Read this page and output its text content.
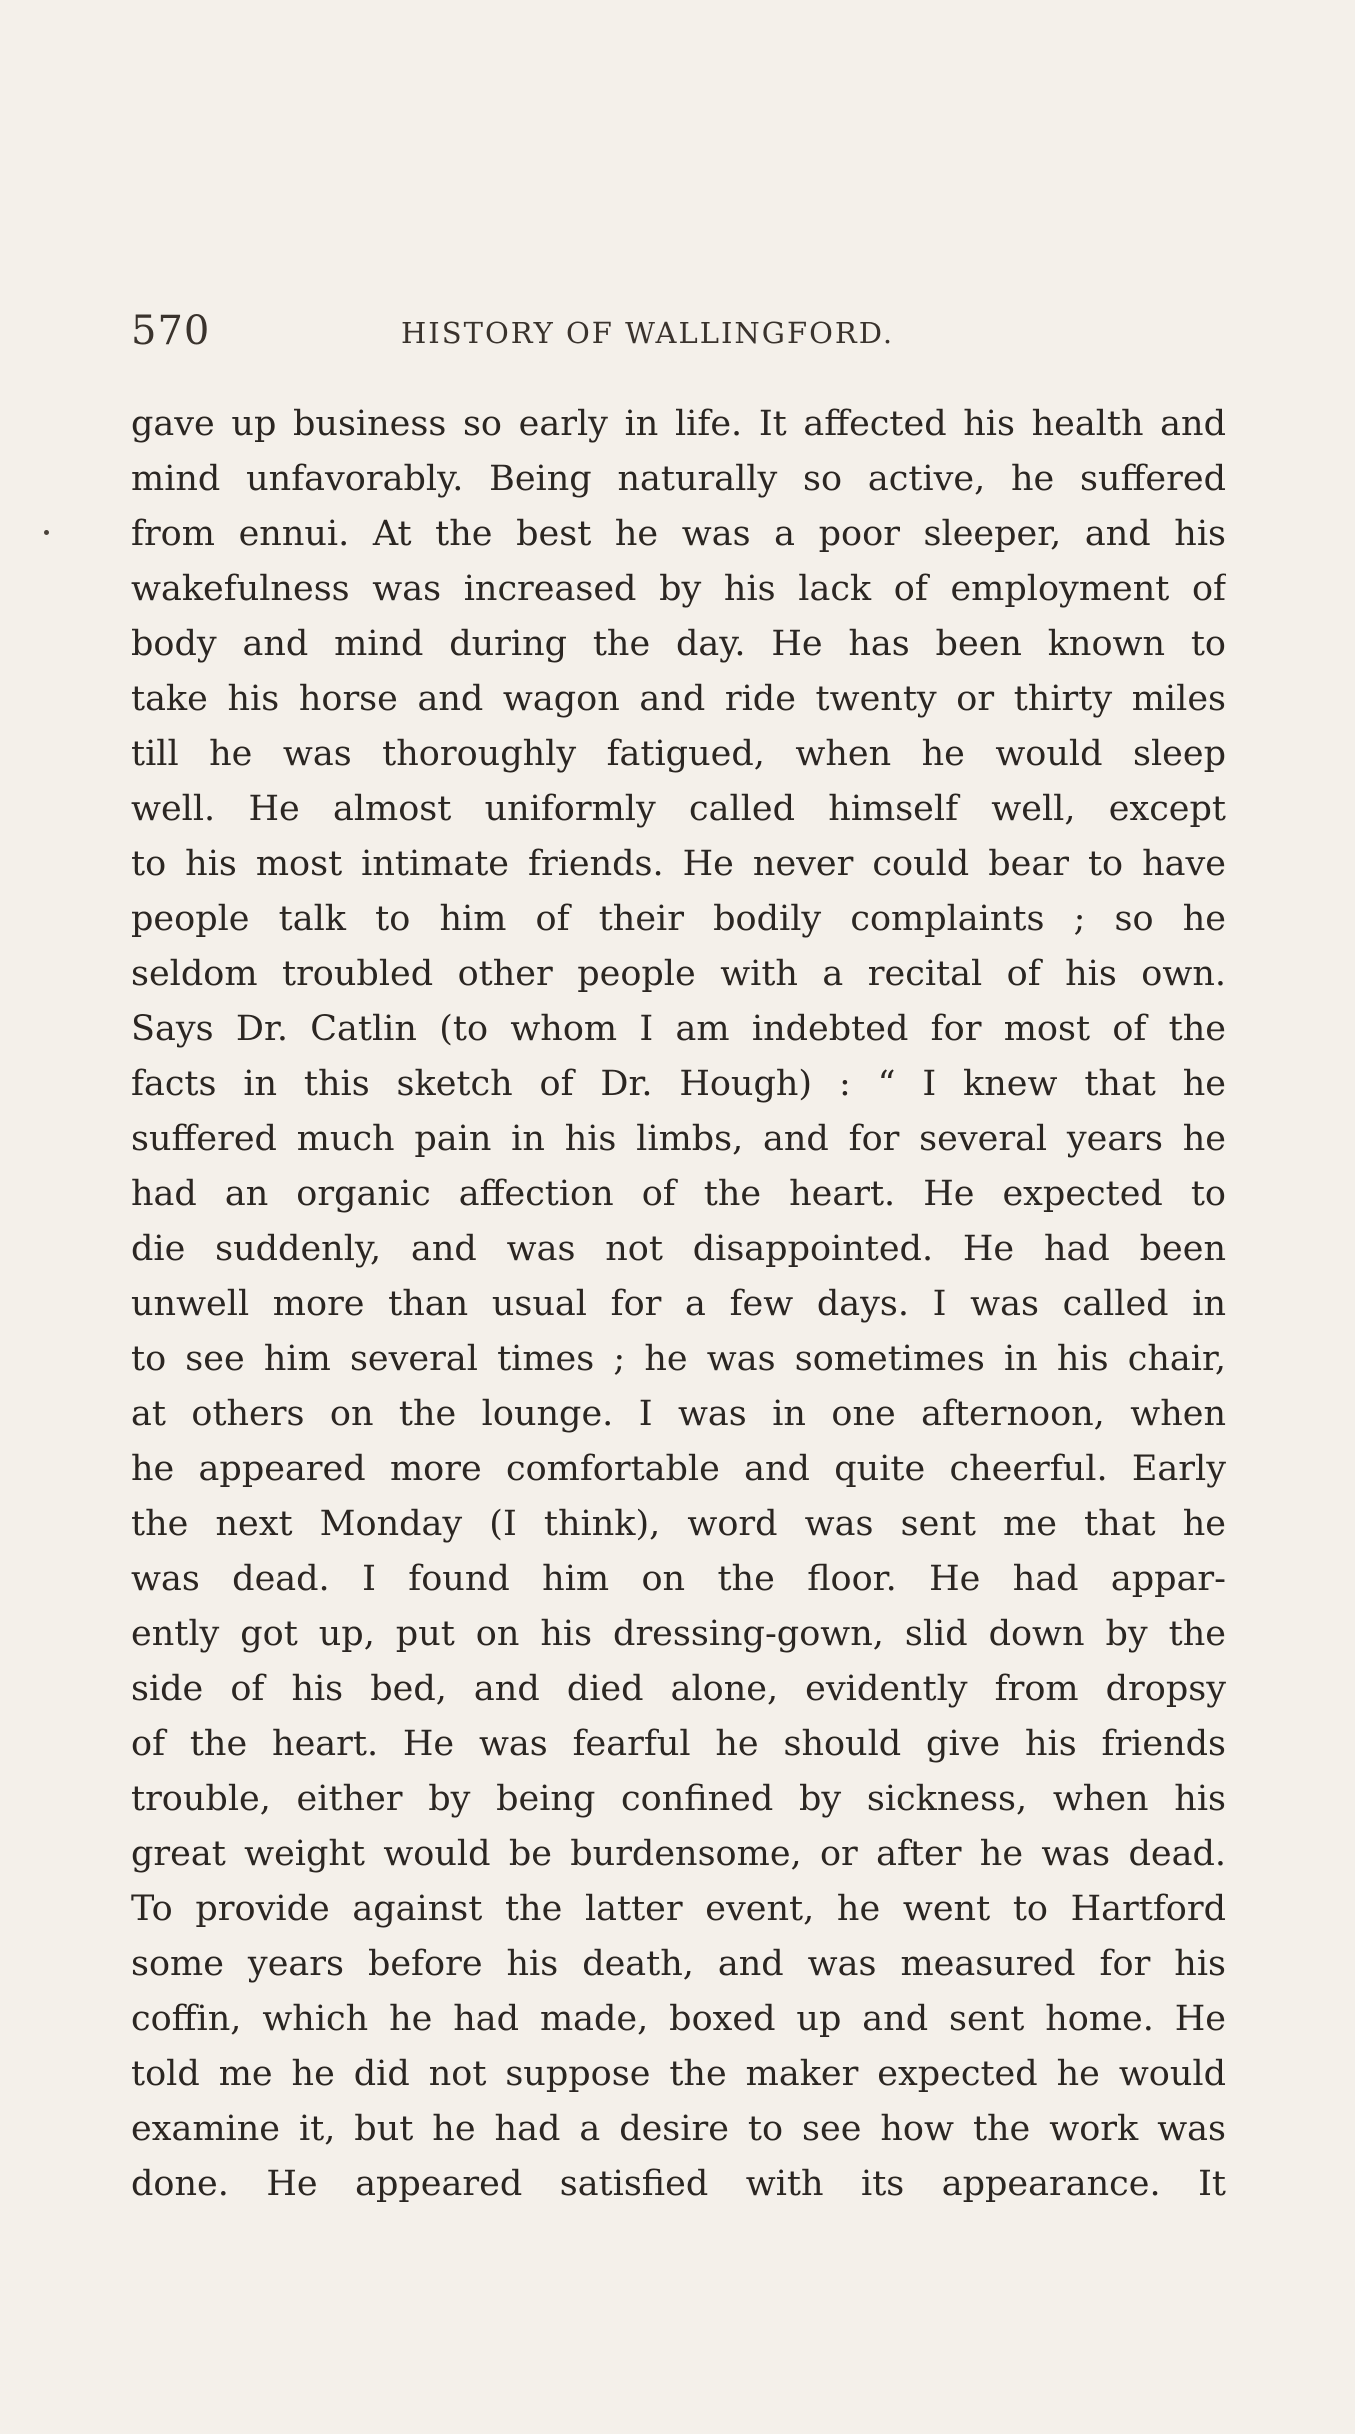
570	HISTORY OF WALLINGFORD.
gave up business so early in life. It affected his health and
mind unfavorably. Being naturally so active, he suffered
from ennui. At the best he was a poor sleeper, and his
wakefulness was increased by his lack of employment of
body and mind during the day. He has been known to
take his horse and wagon and ride twenty or thirty miles
till he was thoroughly fatigued, when he would sleep
well. He almost uniformly called himself well, except
to his most intimate friends. He never could bear to have
people talk to him of their bodily complaints ; so he
seldom troubled other people with a recital of his own.
Says Dr. Catlin (to whom I am indebted for most of the
facts in this sketch of Dr. Hough) : “ I knew that he
suffered much pain in his limbs, and for several years he
had an organic affection of the heart. He expected to
die suddenly, and was not disappointed. He had been
unwell more than usual for a few days. I was called in
to see him several times ; he was sometimes in his chair,
at others on the lounge. I was in one afternoon, when
he appeared more comfortable and quite cheerful. Early
the next Monday (I think), word was sent me that he
was dead. I found him on the floor. He had appar-
ently got up, put on his dressing-gown, slid down by the
side of his bed, and died alone, evidently from dropsy
of the heart. He was fearful he should give his friends
trouble, either by being confined by sickness, when his
great weight would be burdensome, or after he was dead.
To provide against the latter event, he went to Hartford
some years before his death, and was measured for his
coffin, which he had made, boxed up and sent home. He
told me he did not suppose the maker expected he would
examine it, but he had a desire to see how the work was
done. He appeared satisfied with its appearance. It
